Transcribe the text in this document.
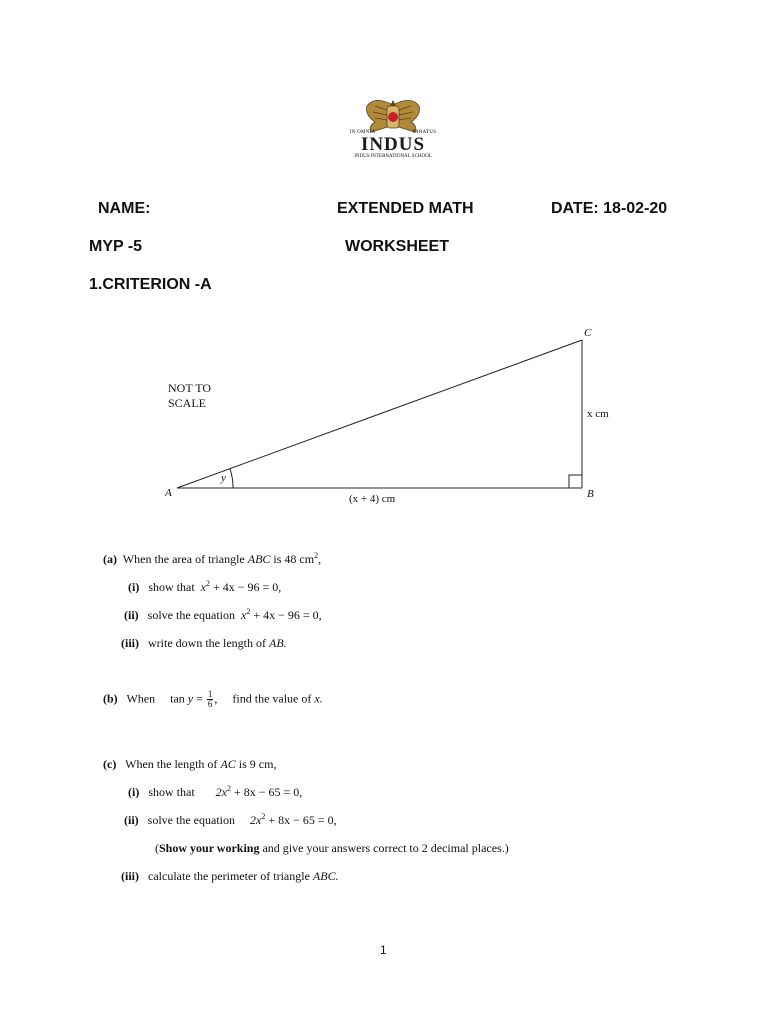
IN OMNIA	PARATUS
INDUS
INDUS INTERNATIONAL SCHOOL
NAME:	EXTENDED MATH	DATE: 18-02-20
MYP -5	WORKSHEET
1.CRITERION -A
NOT TO
SCALE
A	B
C
y
(x + 4) cm
x cm
(a) When the area of triangle ABC is 48 $cm^2$,
(i) show that $x^2 + 4x - 96 = 0$,
(ii) solve the equation $x^2 + 4x - 96 = 0$,
(iii) write down the length of AB.
(b) When $\tan y = \frac{1}{6}$ , find the value of x.
(c) When the length of AC is 9 cm,
(i) show that $2x^2 + 8x - 65 = 0$,
(ii) solve the equation $2x^2 + 8x - 65 = 0$,
(Show your working and give your answers correct to 2 decimal places.)
(iii) calculate the perimeter of triangle ABC.
1
